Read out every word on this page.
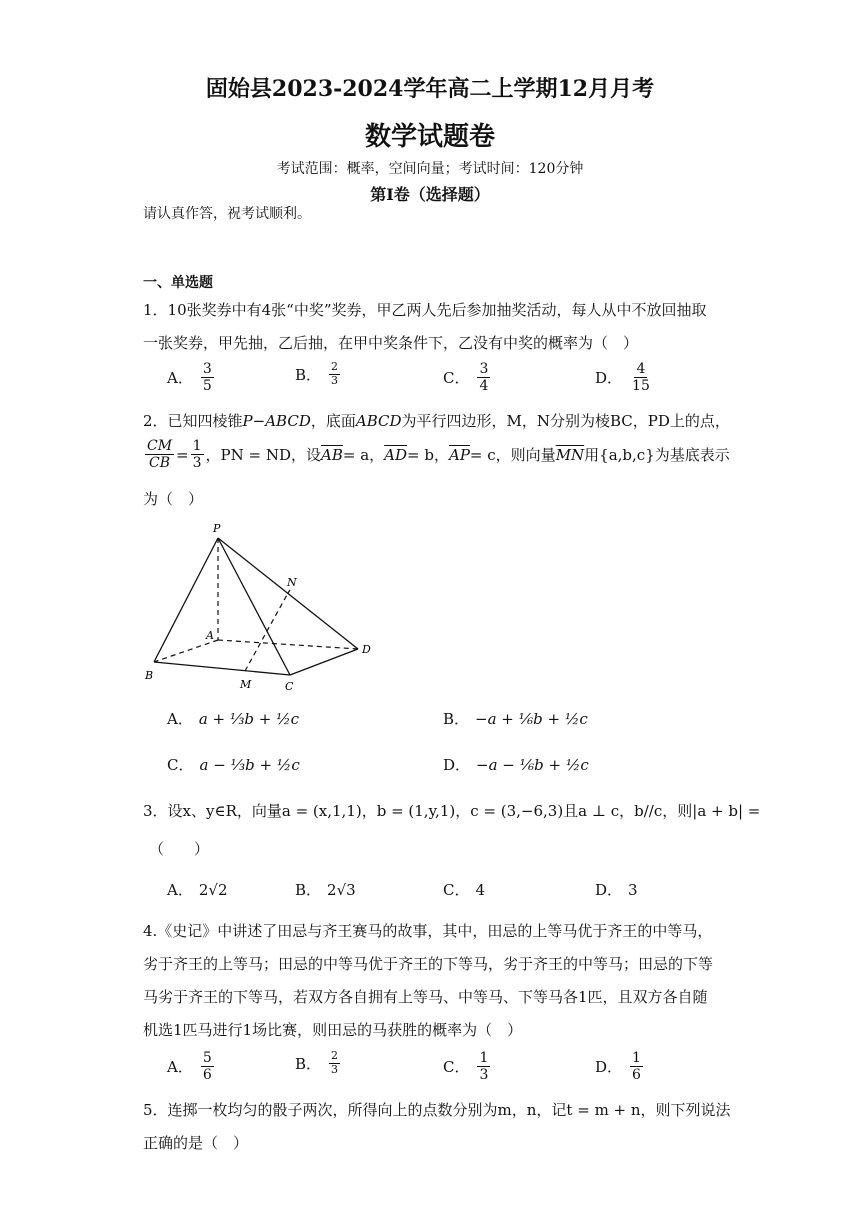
固始县2023-2024学年高二上学期12月月考
数学试题卷
考试范围：概率，空间向量；考试时间：120分钟
第I卷（选择题）
请认真作答，祝考试顺利。
一、单选题
1．10张奖券中有4张“中奖”奖券，甲乙两人先后参加抽奖活动，每人从中不放回抽取
一张奖券，甲先抽，乙后抽，在甲中奖条件下，乙没有中奖的概率为（　）
A． $\frac{3}{5}$	B． $\frac{2}{3}$	C． $\frac{3}{4}$	D． $\frac{4}{15}$
2．已知四棱锥P−ABCD，底面ABCD为平行四边形，M，N分别为棱BC，PD上的点，
$\frac{CM}{CB} = \frac{1}{3}$ ，PN = ND，设 $\overline{AB} = a$， $\overline{AD} = b$， $\overline{AP} = c$， 则向量 $\overline{MN}$ 用{a,b,c}为基底表示
为（　）
P
N
A
D
B
M	C
A． a + ⅓b + ½c	B． −a + ⅙b + ½c
C． a − ⅓b + ½c	D． −a − ⅙b + ½c
3．设x、y∈R，向量a = (x,1,1)，b = (1,y,1)，c = (3,−6,3)且a ⊥ c，b//c，则|a + b| =
（　　）
A． 2√2	B． 2√3	C． 4	D． 3
4.《史记》中讲述了田忌与齐王赛马的故事，其中，田忌的上等马优于齐王的中等马，
劣于齐王的上等马；田忌的中等马优于齐王的下等马，劣于齐王的中等马；田忌的下等
马劣于齐王的下等马，若双方各自拥有上等马、中等马、下等马各1匹，且双方各自随
机选1匹马进行1场比赛，则田忌的马获胜的概率为（　）
A． $\frac{5}{6}$	B． $\frac{2}{3}$	C． $\frac{1}{3}$	D． $\frac{1}{6}$
5．连掷一枚均匀的骰子两次，所得向上的点数分别为m，n，记t = m + n，则下列说法
正确的是（　）
